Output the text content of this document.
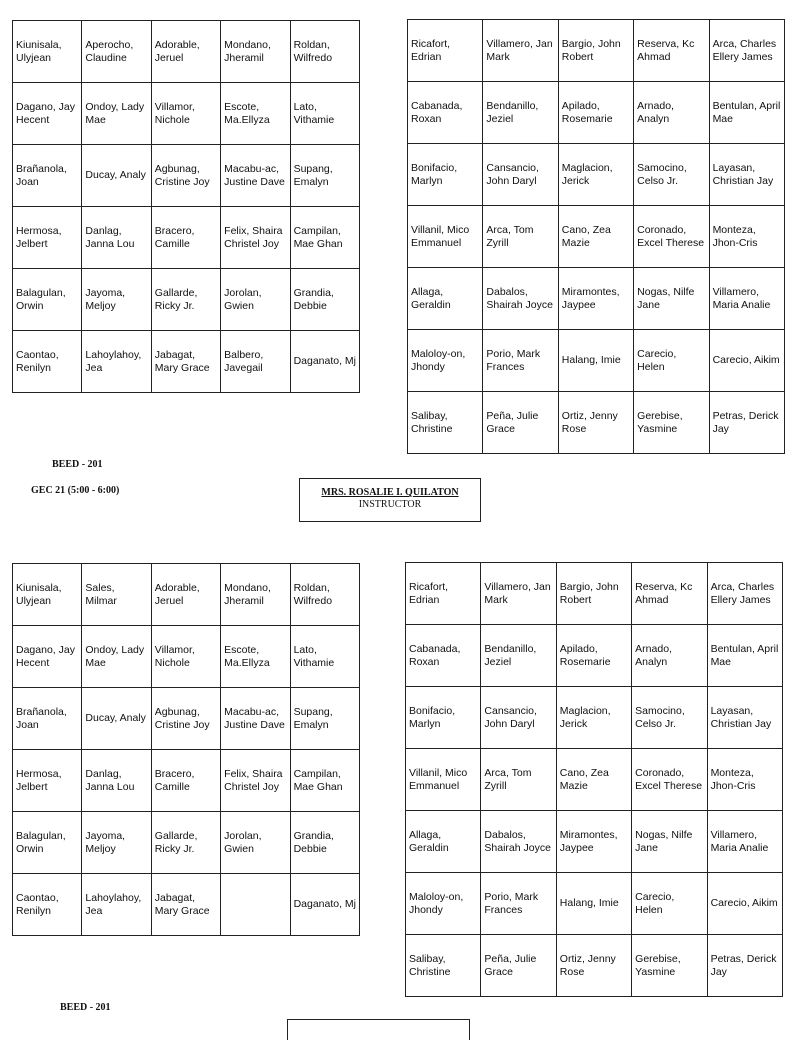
Kiunisala, Ulyjean	Aperocho, Claudine	Adorable, Jeruel	Mondano, Jheramil	Roldan, Wilfredo
Dagano, Jay Hecent	Ondoy, Lady Mae	Villamor, Nichole	Escote, Ma.Ellyza	Lato, Vithamie
Brañanola, Joan	Ducay, Analy	Agbunag, Cristine Joy	Macabu-ac, Justine Dave	Supang, Emalyn
Hermosa, Jelbert	Danlag, Janna Lou	Bracero, Camille	Felix, Shaira Christel Joy	Campilan, Mae Ghan
Balagulan, Orwin	Jayoma, Meljoy	Gallarde, Ricky Jr.	Jorolan, Gwien	Grandia, Debbie
Caontao, Renilyn	Lahoylahoy, Jea	Jabagat, Mary Grace	Balbero, Javegail	Daganato, Mj
Ricafort, Edrian	Villamero, Jan Mark	Bargio, John Robert	Reserva, Kc Ahmad	Arca, Charles Ellery James
Cabanada, Roxan	Bendanillo, Jeziel	Apilado, Rosemarie	Arnado, Analyn	Bentulan, April Mae
Bonifacio, Marlyn	Cansancio, John Daryl	Maglacion, Jerick	Samocino, Celso Jr.	Layasan, Christian Jay
Villanil, Mico Emmanuel	Arca, Tom Zyrill	Cano, Zea Mazie	Coronado, Excel Therese	Monteza, Jhon-Cris
Allaga, Geraldin	Dabalos, Shairah Joyce	Miramontes, Jaypee	Nogas, Nilfe Jane	Villamero, Maria Analie
Maloloy-on, Jhondy	Porio, Mark Frances	Halang, Imie	Carecio, Helen	Carecio, Aikim
Salibay, Christine	Peña, Julie Grace	Ortiz, Jenny Rose	Gerebise, Yasmine	Petras, Derick Jay
BEED - 201
GEC 21 (5:00 - 6:00)	MRS. ROSALIE I. QUILATON
INSTRUCTOR
Kiunisala, Ulyjean	Sales, Milmar	Adorable, Jeruel	Mondano, Jheramil	Roldan, Wilfredo
Dagano, Jay Hecent	Ondoy, Lady Mae	Villamor, Nichole	Escote, Ma.Ellyza	Lato, Vithamie
Brañanola, Joan	Ducay, Analy	Agbunag, Cristine Joy	Macabu-ac, Justine Dave	Supang, Emalyn
Hermosa, Jelbert	Danlag, Janna Lou	Bracero, Camille	Felix, Shaira Christel Joy	Campilan, Mae Ghan
Balagulan, Orwin	Jayoma, Meljoy	Gallarde, Ricky Jr.	Jorolan, Gwien	Grandia, Debbie
Caontao, Renilyn	Lahoylahoy, Jea	Jabagat, Mary Grace		Daganato, Mj
Ricafort, Edrian	Villamero, Jan Mark	Bargio, John Robert	Reserva, Kc Ahmad	Arca, Charles Ellery James
Cabanada, Roxan	Bendanillo, Jeziel	Apilado, Rosemarie	Arnado, Analyn	Bentulan, April Mae
Bonifacio, Marlyn	Cansancio, John Daryl	Maglacion, Jerick	Samocino, Celso Jr.	Layasan, Christian Jay
Villanil, Mico Emmanuel	Arca, Tom Zyrill	Cano, Zea Mazie	Coronado, Excel Therese	Monteza, Jhon-Cris
Allaga, Geraldin	Dabalos, Shairah Joyce	Miramontes, Jaypee	Nogas, Nilfe Jane	Villamero, Maria Analie
Maloloy-on, Jhondy	Porio, Mark Frances	Halang, Imie	Carecio, Helen	Carecio, Aikim
Salibay, Christine	Peña, Julie Grace	Ortiz, Jenny Rose	Gerebise, Yasmine	Petras, Derick Jay
BEED - 201
